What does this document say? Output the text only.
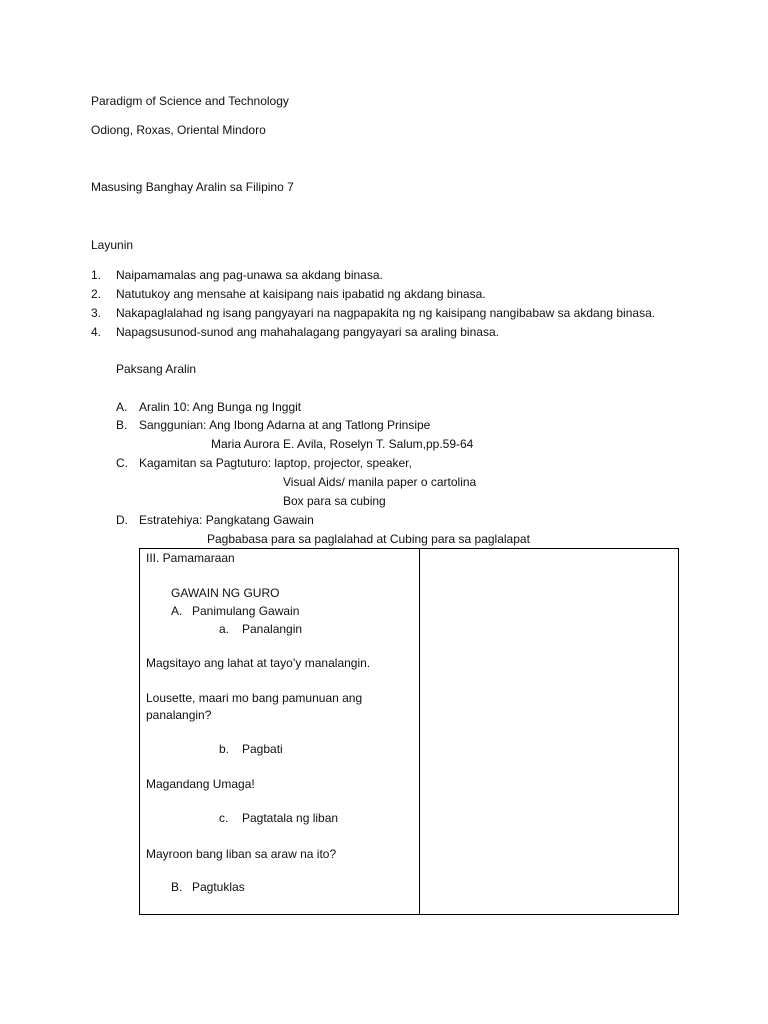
Paradigm of Science and Technology
Odiong, Roxas, Oriental Mindoro
Masusing Banghay Aralin sa Filipino 7
Layunin
1. Naipamamalas ang pag-unawa sa akdang binasa.
2. Natutukoy ang mensahe at kaisipang nais ipabatid ng akdang binasa.
3. Nakapaglalahad ng isang pangyayari na nagpapakita ng ng kaisipang nangibabaw sa akdang binasa.
4. Napagsusunod-sunod ang mahahalagang pangyayari sa araling binasa.
Paksang Aralin
A. Aralin 10: Ang Bunga ng Inggit
B. Sanggunian: Ang Ibong Adarna at ang Tatlong Prinsipe
Maria Aurora E. Avila, Roselyn T. Salum,pp.59-64
C. Kagamitan sa Pagtuturo: laptop, projector, speaker,
Visual Aids/ manila paper o cartolina
Box para sa cubing
D. Estratehiya: Pangkatang Gawain
Pagbabasa para sa paglalahad at Cubing para sa paglalapat
III. Pamamaraan
GAWAIN NG GURO
A. Panimulang Gawain
a. Panalangin
Magsitayo ang lahat at tayo’y manalangin.
Lousette, maari mo bang pamunuan ang
panalangin?
b. Pagbati
Magandang Umaga!
c. Pagtatala ng liban
Mayroon bang liban sa araw na ito?
B. Pagtuklas
